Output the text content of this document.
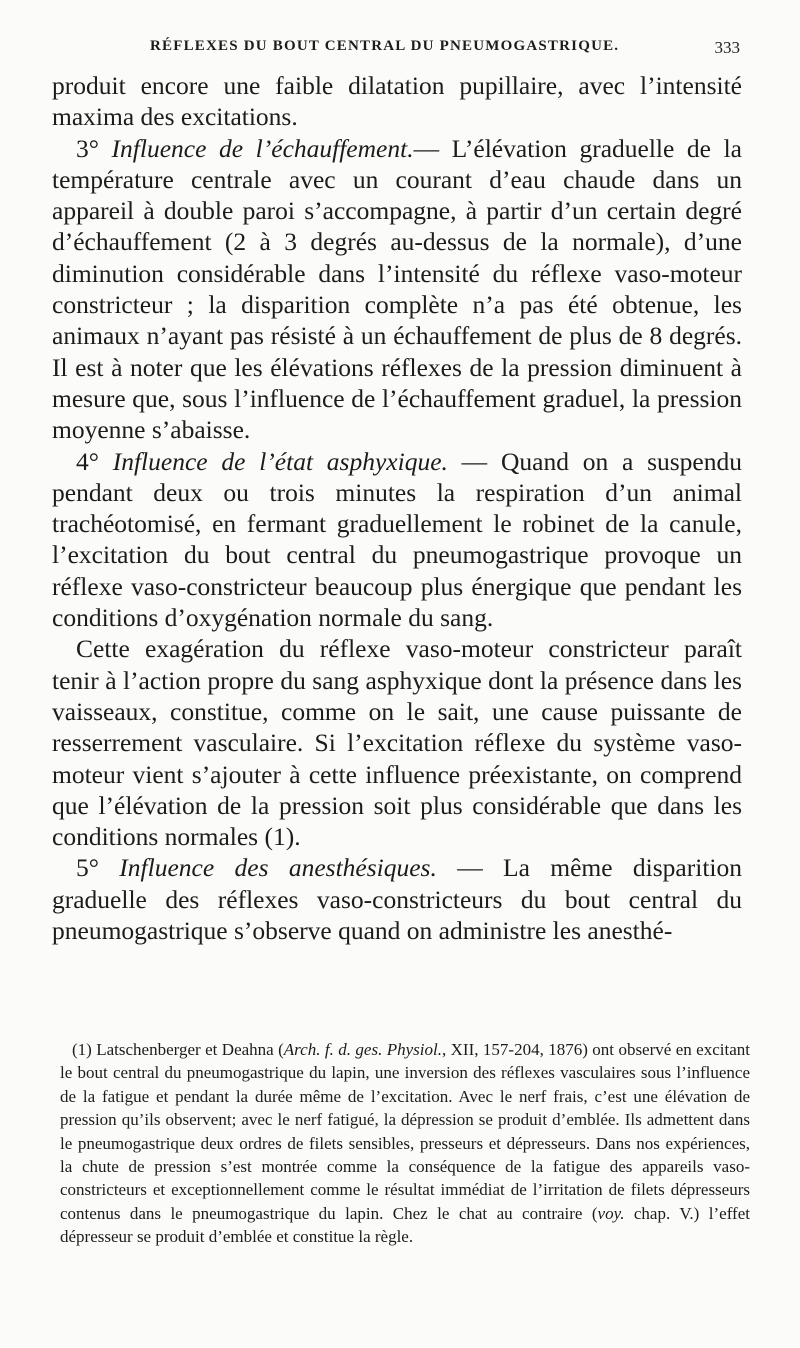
RÉFLEXES DU BOUT CENTRAL DU PNEUMOGASTRIQUE.	333

produit encore une faible dilatation pupillaire, avec l’intensité maxima des excitations.

3° Influence de l’échauffement.— L’élévation graduelle de la température centrale avec un courant d’eau chaude dans un appareil à double paroi s’accompagne, à partir d’un certain degré d’échauffement (2 à 3 degrés au-dessus de la normale), d’une diminution considérable dans l’intensité du réflexe vaso-moteur constricteur ; la disparition complète n’a pas été obtenue, les animaux n’ayant pas résisté à un échauffement de plus de 8 degrés. Il est à noter que les élévations réflexes de la pression diminuent à mesure que, sous l’influence de l’échauffement graduel, la pression moyenne s’abaisse.

4° Influence de l’état asphyxique. — Quand on a suspendu pendant deux ou trois minutes la respiration d’un animal trachéotomisé, en fermant graduellement le robinet de la canule, l’excitation du bout central du pneumogastrique provoque un réflexe vaso-constricteur beaucoup plus énergique que pendant les conditions d’oxygénation normale du sang.

Cette exagération du réflexe vaso-moteur constricteur paraît tenir à l’action propre du sang asphyxique dont la présence dans les vaisseaux, constitue, comme on le sait, une cause puissante de resserrement vasculaire. Si l’excitation réflexe du système vaso-moteur vient s’ajouter à cette influence préexistante, on comprend que l’élévation de la pression soit plus considérable que dans les conditions normales (1).

5° Influence des anesthésiques. — La même disparition graduelle des réflexes vaso-constricteurs du bout central du pneumogastrique s’observe quand on administre les anesthé-

(1) Latschenberger et Deahna (Arch. f. d. ges. Physiol., XII, 157-204, 1876) ont observé en excitant le bout central du pneumogastrique du lapin, une inversion des réflexes vasculaires sous l’influence de la fatigue et pendant la durée même de l’excitation. Avec le nerf frais, c’est une élévation de pression qu’ils observent; avec le nerf fatigué, la dépression se produit d’emblée. Ils admettent dans le pneumogastrique deux ordres de filets sensibles, presseurs et dépresseurs. Dans nos expériences, la chute de pression s’est montrée comme la conséquence de la fatigue des appareils vaso-constricteurs et exceptionnellement comme le résultat immédiat de l’irritation de filets dépresseurs contenus dans le pneumogastrique du lapin. Chez le chat au contraire (voy. chap. V.) l’effet dépresseur se produit d’emblée et constitue la règle.
